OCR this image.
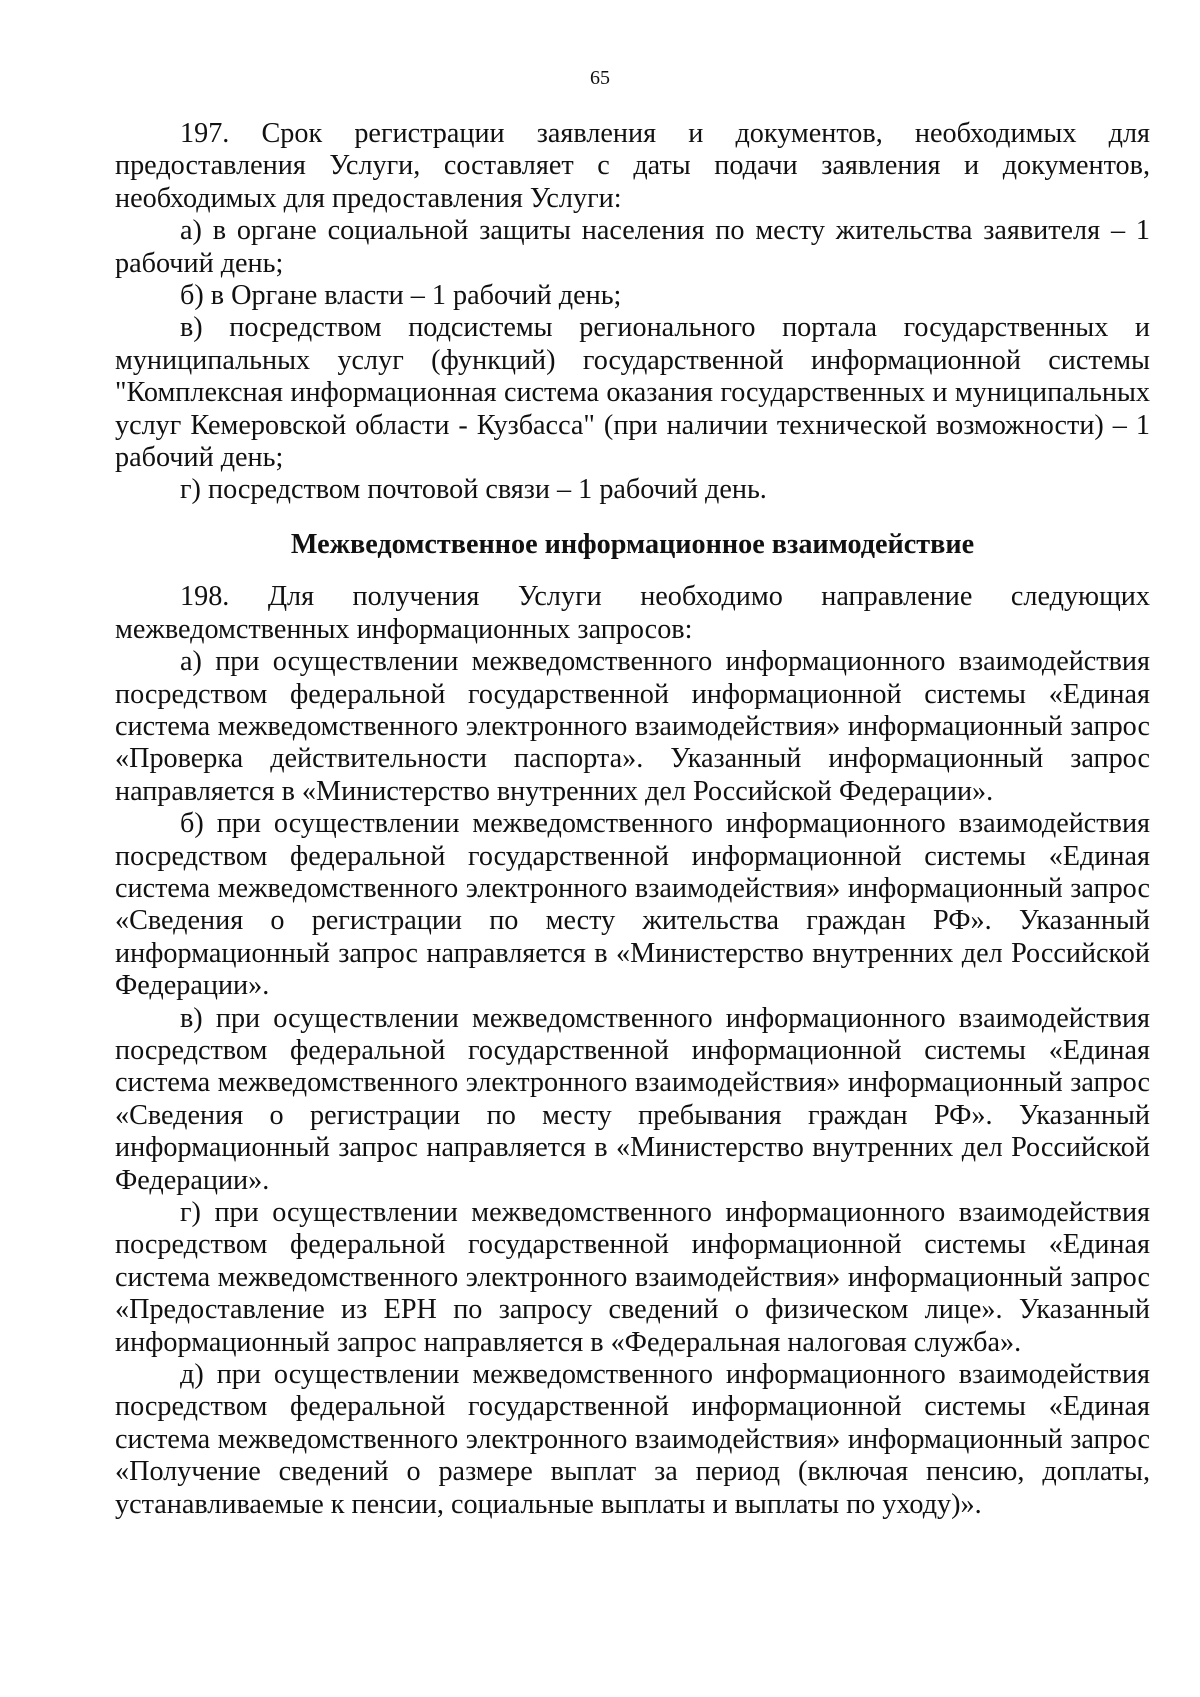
65

197. Срок регистрации заявления и документов, необходимых для предоставления Услуги, составляет с даты подачи заявления и документов, необходимых для предоставления Услуги:

а) в органе социальной защиты населения по месту жительства заявителя – 1 рабочий день;

б) в Органе власти – 1 рабочий день;

в) посредством подсистемы регионального портала государственных и муниципальных услуг (функций) государственной информационной системы "Комплексная информационная система оказания государственных и муниципальных услуг Кемеровской области - Кузбасса" (при наличии технической возможности) – 1 рабочий день;

г) посредством почтовой связи – 1 рабочий день.

Межведомственное информационное взаимодействие

198. Для получения Услуги необходимо направление следующих межведомственных информационных запросов:

а) при осуществлении межведомственного информационного взаимодействия посредством федеральной государственной информационной системы «Единая система межведомственного электронного взаимодействия» информационный запрос «Проверка действительности паспорта». Указанный информационный запрос направляется в «Министерство внутренних дел Российской Федерации».

б) при осуществлении межведомственного информационного взаимодействия посредством федеральной государственной информационной системы «Единая система межведомственного электронного взаимодействия» информационный запрос «Сведения о регистрации по месту жительства граждан РФ». Указанный информационный запрос направляется в «Министерство внутренних дел Российской Федерации».

в) при осуществлении межведомственного информационного взаимодействия посредством федеральной государственной информационной системы «Единая система межведомственного электронного взаимодействия» информационный запрос «Сведения о регистрации по месту пребывания граждан РФ». Указанный информационный запрос направляется в «Министерство внутренних дел Российской Федерации».

г) при осуществлении межведомственного информационного взаимодействия посредством федеральной государственной информационной системы «Единая система межведомственного электронного взаимодействия» информационный запрос «Предоставление из ЕРН по запросу сведений о физическом лице». Указанный информационный запрос направляется в «Федеральная налоговая служба».

д) при осуществлении межведомственного информационного взаимодействия посредством федеральной государственной информационной системы «Единая система межведомственного электронного взаимодействия» информационный запрос «Получение сведений о размере выплат за период (включая пенсию, доплаты, устанавливаемые к пенсии, социальные выплаты и выплаты по уходу)».
